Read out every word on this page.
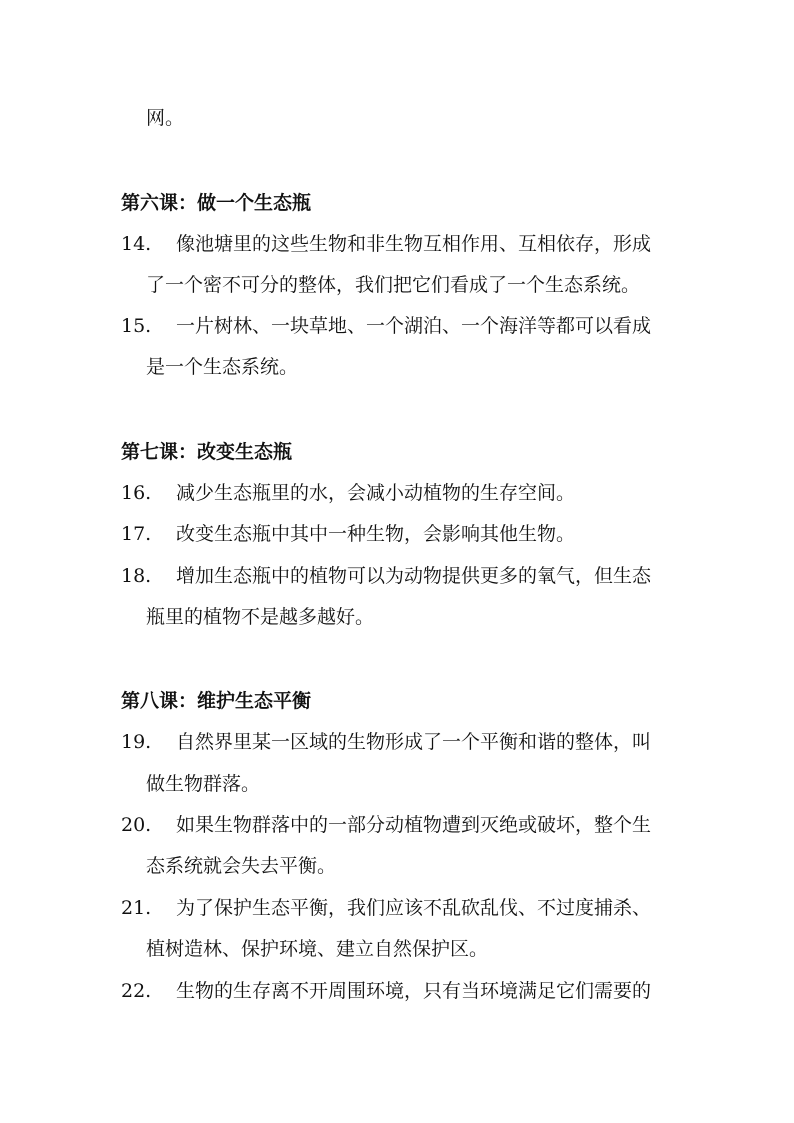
网。
第六课：做一个生态瓶
14. 像池塘里的这些生物和非生物互相作用、互相依存，形成
了一个密不可分的整体，我们把它们看成了一个生态系统。
15. 一片树林、一块草地、一个湖泊、一个海洋等都可以看成
是一个生态系统。
第七课：改变生态瓶
16. 减少生态瓶里的水，会减小动植物的生存空间。
17. 改变生态瓶中其中一种生物，会影响其他生物。
18. 增加生态瓶中的植物可以为动物提供更多的氧气，但生态
瓶里的植物不是越多越好。
第八课：维护生态平衡
19. 自然界里某一区域的生物形成了一个平衡和谐的整体，叫
做生物群落。
20. 如果生物群落中的一部分动植物遭到灭绝或破坏，整个生
态系统就会失去平衡。
21. 为了保护生态平衡，我们应该不乱砍乱伐、不过度捕杀、
植树造林、保护环境、建立自然保护区。
22. 生物的生存离不开周围环境，只有当环境满足它们需要的
